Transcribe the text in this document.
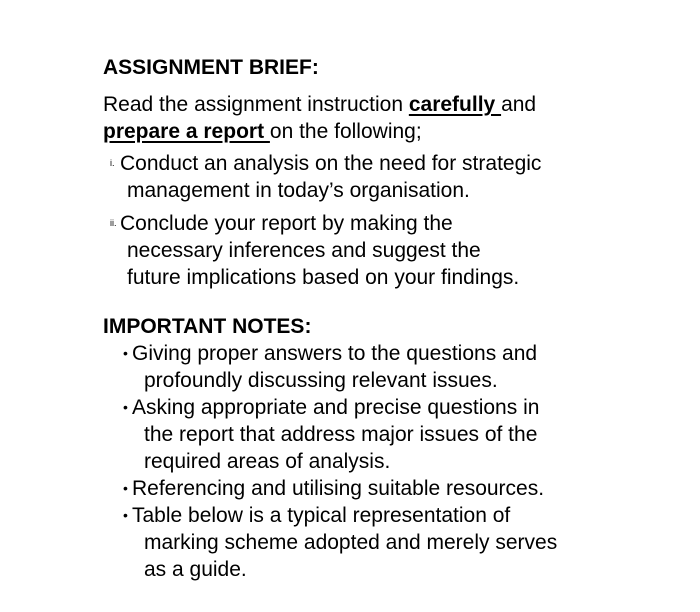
ASSIGNMENT BRIEF:
Read the assignment instruction carefully and
prepare a report on the following;
i. Conduct an analysis on the need for strategic
management in today’s organisation.
ii. Conclude your report by making the
necessary inferences and suggest the
future implications based on your findings.
IMPORTANT NOTES:
• Giving proper answers to the questions and
profoundly discussing relevant issues.
• Asking appropriate and precise questions in
the report that address major issues of the
required areas of analysis.
• Referencing and utilising suitable resources.
• Table below is a typical representation of
marking scheme adopted and merely serves
as a guide.
